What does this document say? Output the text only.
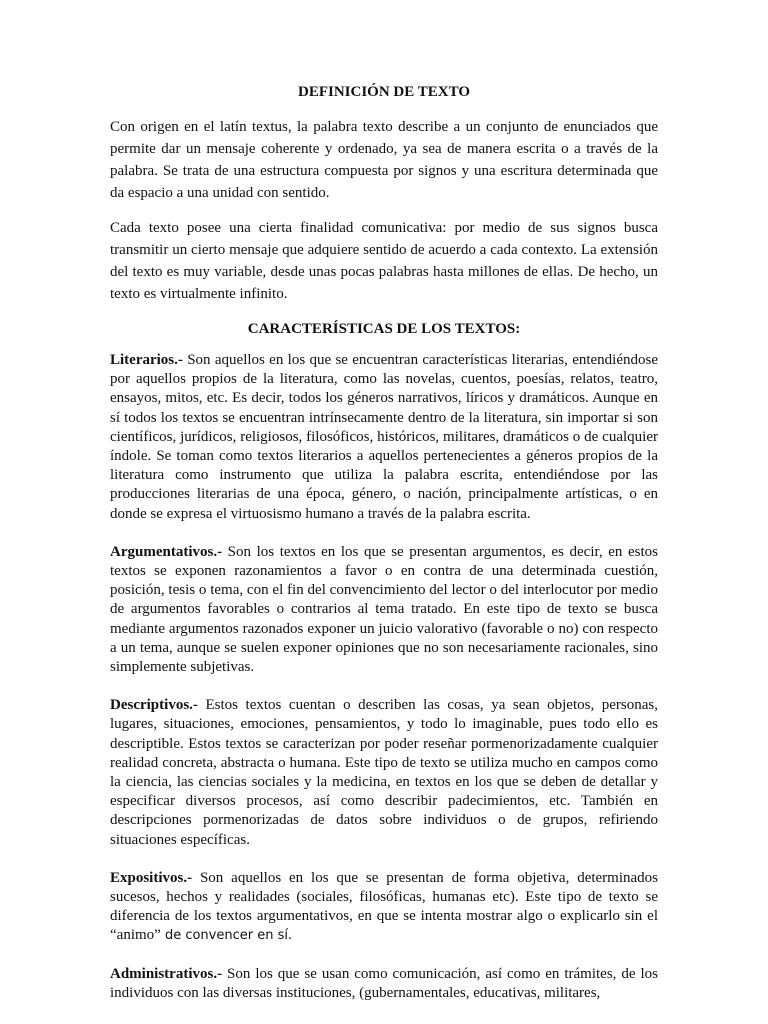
DEFINICIÓN DE TEXTO

Con origen en el latín textus, la palabra texto describe a un conjunto de enunciados que permite dar un mensaje coherente y ordenado, ya sea de manera escrita o a través de la palabra. Se trata de una estructura compuesta por signos y una escritura determinada que da espacio a una unidad con sentido.

Cada texto posee una cierta finalidad comunicativa: por medio de sus signos busca transmitir un cierto mensaje que adquiere sentido de acuerdo a cada contexto. La extensión del texto es muy variable, desde unas pocas palabras hasta millones de ellas. De hecho, un texto es virtualmente infinito.

CARACTERÍSTICAS DE LOS TEXTOS:

Literarios.- Son aquellos en los que se encuentran características literarias, entendiéndose por aquellos propios de la literatura, como las novelas, cuentos, poesías, relatos, teatro, ensayos, mitos, etc. Es decir, todos los géneros narrativos, líricos y dramáticos. Aunque en sí todos los textos se encuentran intrínsecamente dentro de la literatura, sin importar si son científicos, jurídicos, religiosos, filosóficos, históricos, militares, dramáticos o de cualquier índole. Se toman como textos literarios a aquellos pertenecientes a géneros propios de la literatura como instrumento que utiliza la palabra escrita, entendiéndose por las producciones literarias de una época, género, o nación, principalmente artísticas, o en donde se expresa el virtuosismo humano a través de la palabra escrita.

Argumentativos.- Son los textos en los que se presentan argumentos, es decir, en estos textos se exponen razonamientos a favor o en contra de una determinada cuestión, posición, tesis o tema, con el fin del convencimiento del lector o del interlocutor por medio de argumentos favorables o contrarios al tema tratado. En este tipo de texto se busca mediante argumentos razonados exponer un juicio valorativo (favorable o no) con respecto a un tema, aunque se suelen exponer opiniones que no son necesariamente racionales, sino simplemente subjetivas.

Descriptivos.- Estos textos cuentan o describen las cosas, ya sean objetos, personas, lugares, situaciones, emociones, pensamientos, y todo lo imaginable, pues todo ello es descriptible. Estos textos se caracterizan por poder reseñar pormenorizadamente cualquier realidad concreta, abstracta o humana. Este tipo de texto se utiliza mucho en campos como la ciencia, las ciencias sociales y la medicina, en textos en los que se deben de detallar y especificar diversos procesos, así como describir padecimientos, etc. También en descripciones pormenorizadas de datos sobre individuos o de grupos, refiriendo situaciones específicas.

Expositivos.- Son aquellos en los que se presentan de forma objetiva, determinados sucesos, hechos y realidades (sociales, filosóficas, humanas etc). Este tipo de texto se diferencia de los textos argumentativos, en que se intenta mostrar algo o explicarlo sin el “animo” de convencer en sí.

Administrativos.- Son los que se usan como comunicación, así como en trámites, de los individuos con las diversas instituciones, (gubernamentales, educativas, militares,
